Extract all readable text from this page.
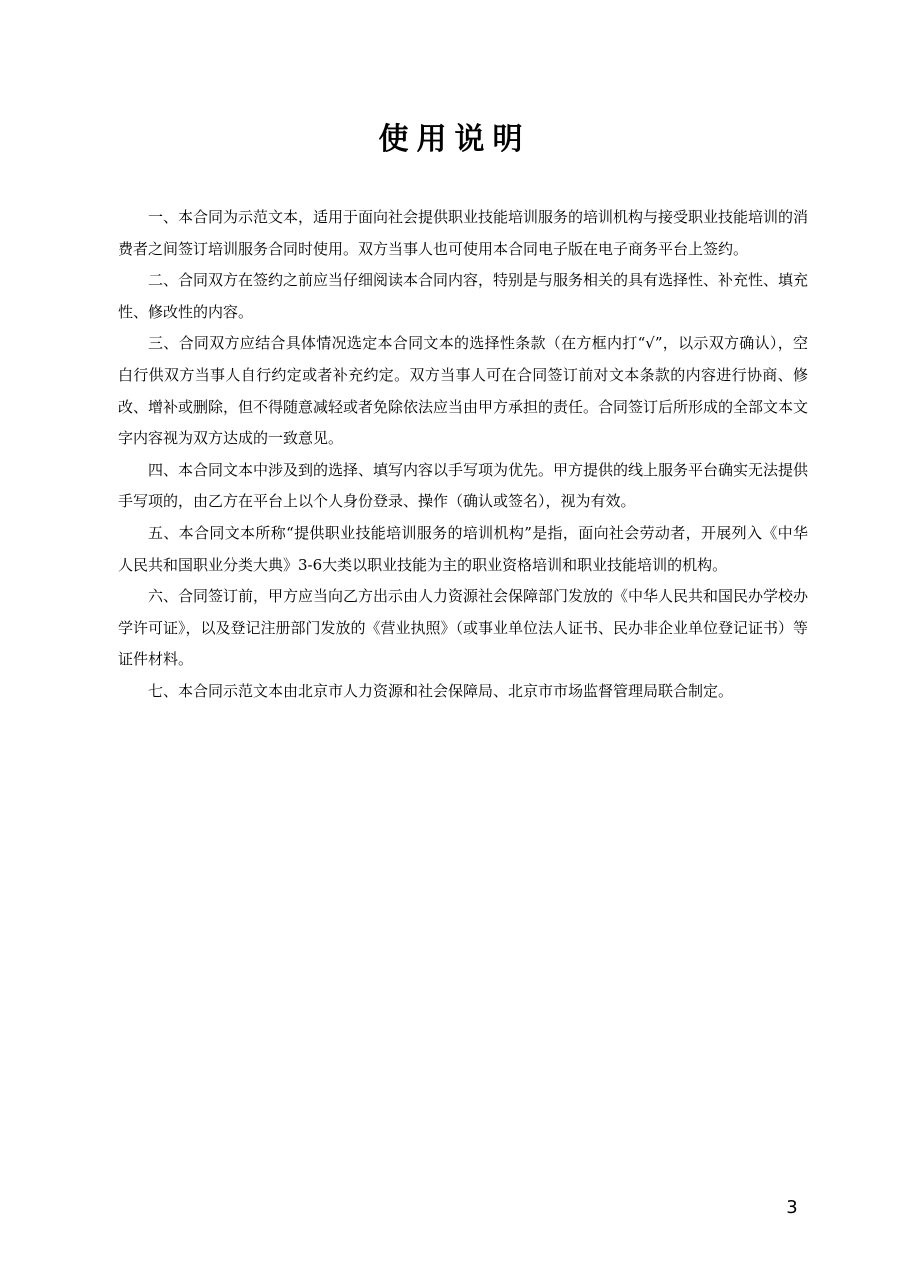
使用说明

一、本合同为示范文本，适用于面向社会提供职业技能培训服务的培训机构与接受职业技能培训的消费者之间签订培训服务合同时使用。双方当事人也可使用本合同电子版在电子商务平台上签约。

二、合同双方在签约之前应当仔细阅读本合同内容，特别是与服务相关的具有选择性、补充性、填充性、修改性的内容。

三、合同双方应结合具体情况选定本合同文本的选择性条款（在方框内打“√”，以示双方确认），空白行供双方当事人自行约定或者补充约定。双方当事人可在合同签订前对文本条款的内容进行协商、修改、增补或删除，但不得随意减轻或者免除依法应当由甲方承担的责任。合同签订后所形成的全部文本文字内容视为双方达成的一致意见。

四、本合同文本中涉及到的选择、填写内容以手写项为优先。甲方提供的线上服务平台确实无法提供手写项的，由乙方在平台上以个人身份登录、操作（确认或签名），视为有效。

五、本合同文本所称“提供职业技能培训服务的培训机构”是指，面向社会劳动者，开展列入《中华人民共和国职业分类大典》3-6大类以职业技能为主的职业资格培训和职业技能培训的机构。

六、合同签订前，甲方应当向乙方出示由人力资源社会保障部门发放的《中华人民共和国民办学校办学许可证》，以及登记注册部门发放的《营业执照》（或事业单位法人证书、民办非企业单位登记证书）等证件材料。

七、本合同示范文本由北京市人力资源和社会保障局、北京市市场监督管理局联合制定。

3
